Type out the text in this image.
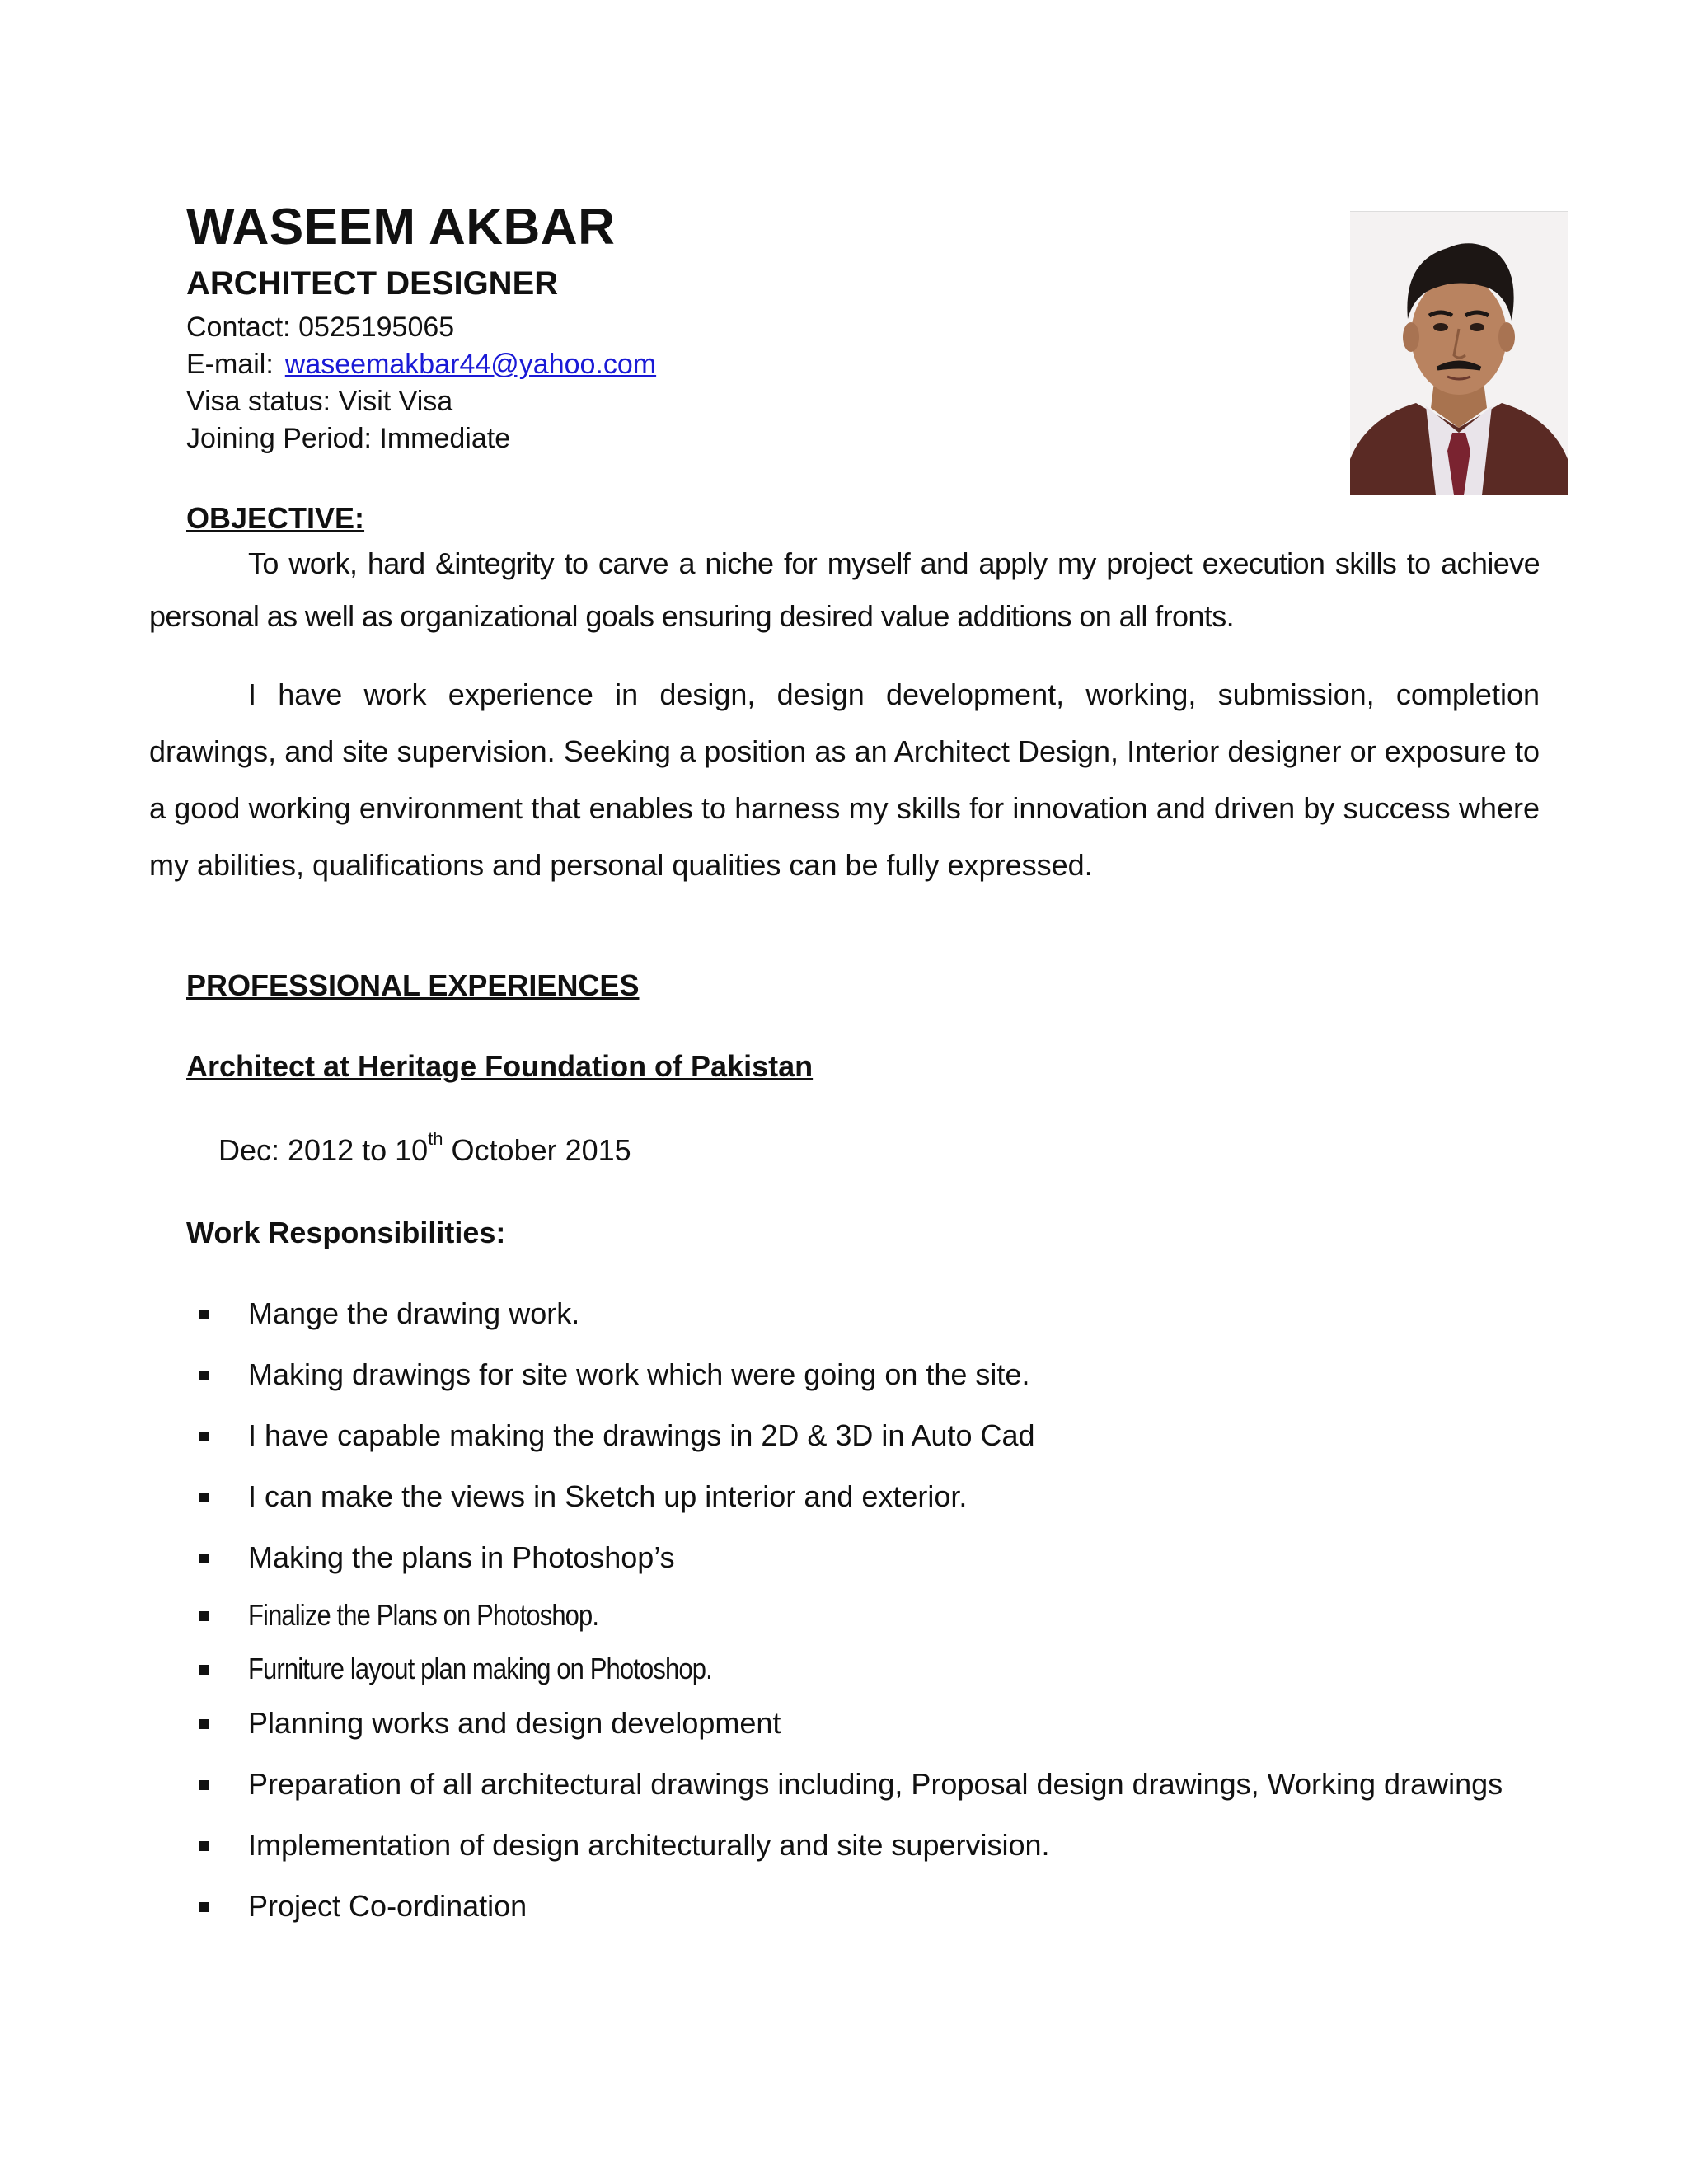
WASEEM AKBAR
ARCHITECT DESIGNER
Contact: 0525195065
E-mail: waseemakbar44@yahoo.com
Visa status: Visit Visa
Joining Period: Immediate
OBJECTIVE:
To work, hard &integrity to carve a niche for myself and apply my project execution skills to achieve personal as well as organizational goals ensuring desired value additions on all fronts.
I have work experience in design, design development, working, submission, completion drawings, and site supervision. Seeking a position as an Architect Design, Interior designer or exposure to a good working environment that enables to harness my skills for innovation and driven by success where my abilities, qualifications and personal qualities can be fully expressed.
PROFESSIONAL EXPERIENCES
Architect at Heritage Foundation of Pakistan
Dec: 2012 to 10th October 2015
Work Responsibilities:
Mange the drawing work.
Making drawings for site work which were going on the site.
I have capable making the drawings in 2D & 3D in Auto Cad
I can make the views in Sketch up interior and exterior.
Making the plans in Photoshop’s
Finalize the Plans on Photoshop.
Furniture layout plan making on Photoshop.
Planning works and design development
Preparation of all architectural drawings including, Proposal design drawings, Working drawings
Implementation of design architecturally and site supervision.
Project Co-ordination
